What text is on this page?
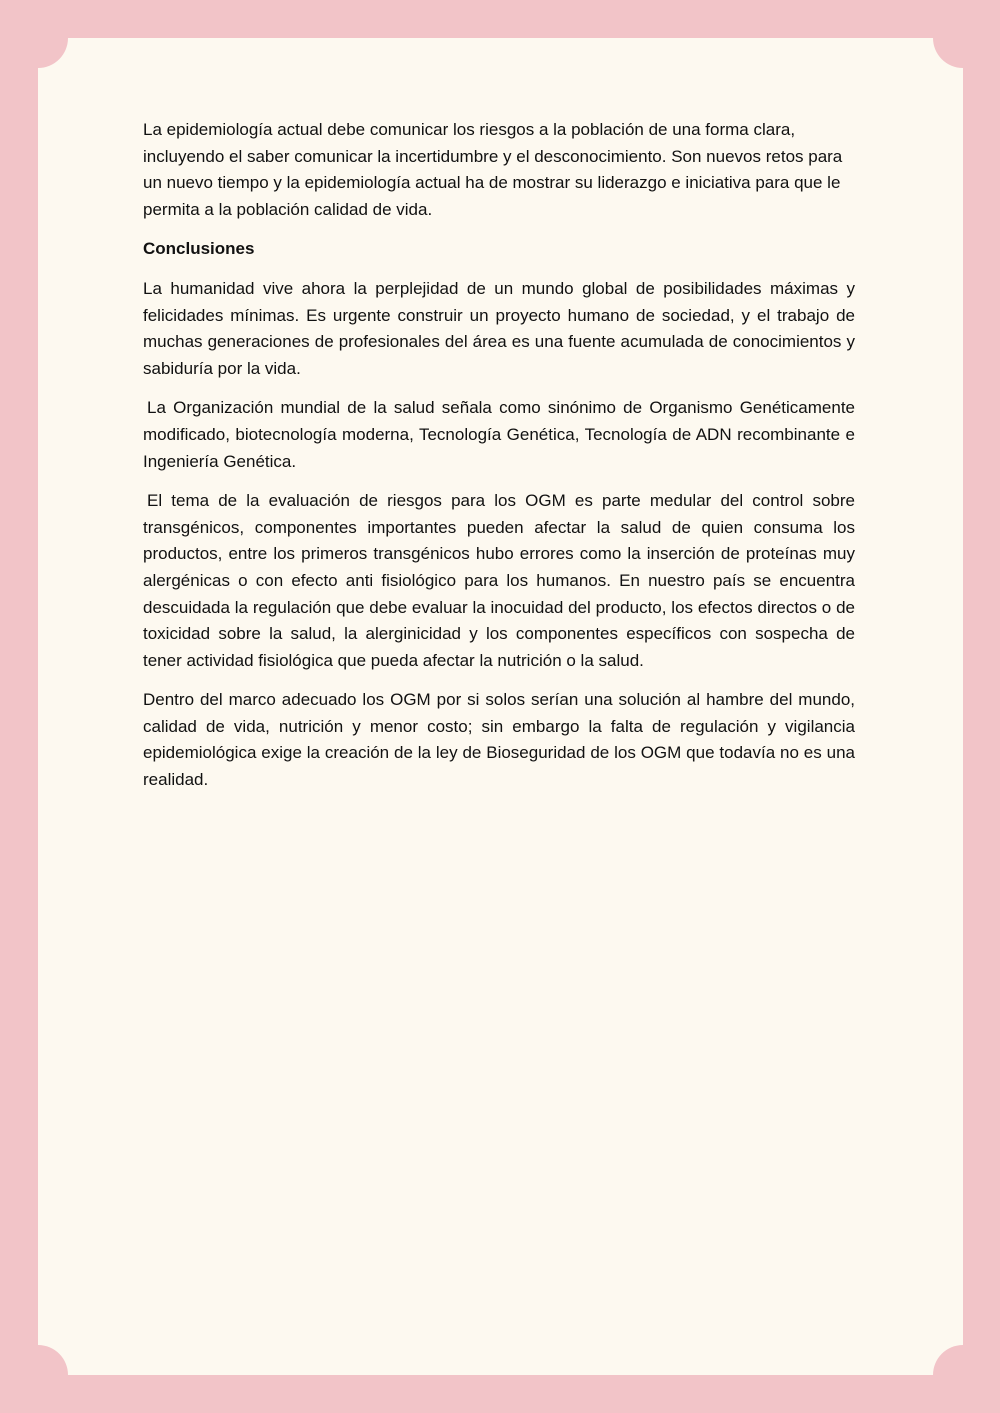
La epidemiología actual debe comunicar los riesgos a la población de una forma clara, incluyendo el saber comunicar la incertidumbre y el desconocimiento. Son nuevos retos para un nuevo tiempo y la epidemiología actual ha de mostrar su liderazgo e iniciativa para que le permita a la población calidad de vida.

Conclusiones

La humanidad vive ahora la perplejidad de un mundo global de posibilidades máximas y felicidades mínimas. Es urgente construir un proyecto humano de sociedad, y el trabajo de muchas generaciones de profesionales del área es una fuente acumulada de conocimientos y sabiduría por la vida.

La Organización mundial de la salud señala como sinónimo de Organismo Genéticamente modificado, biotecnología moderna, Tecnología Genética, Tecnología de ADN recombinante e Ingeniería Genética.

El tema de la evaluación de riesgos para los OGM es parte medular del control sobre transgénicos, componentes importantes pueden afectar la salud de quien consuma los productos, entre los primeros transgénicos hubo errores como la inserción de proteínas muy alergénicas o con efecto anti fisiológico para los humanos. En nuestro país se encuentra descuidada la regulación que debe evaluar la inocuidad del producto, los efectos directos o de toxicidad sobre la salud, la alerginicidad y los componentes específicos con sospecha de tener actividad fisiológica que pueda afectar la nutrición o la salud.

Dentro del marco adecuado los OGM por si solos serían una solución al hambre del mundo, calidad de vida, nutrición y menor costo; sin embargo la falta de regulación y vigilancia epidemiológica exige la creación de la ley de Bioseguridad de los OGM que todavía no es una realidad.
